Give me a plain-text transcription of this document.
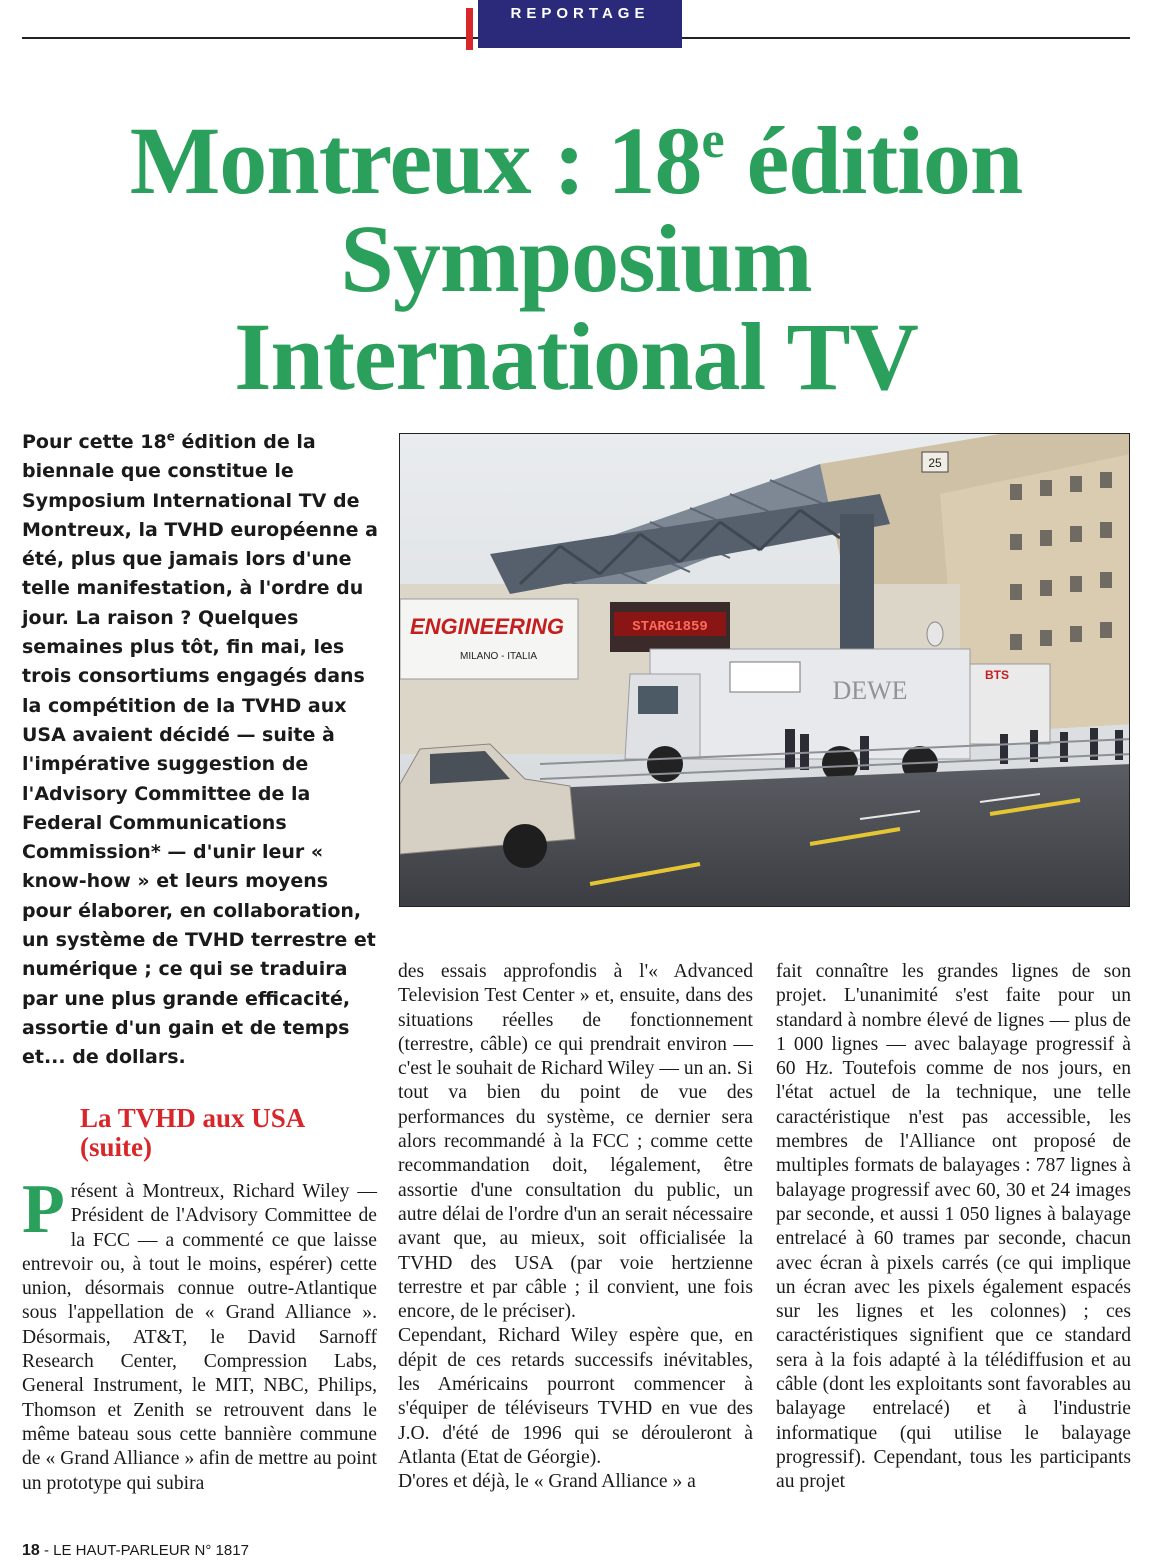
REPORTAGE
Montreux : 18e édition
Symposium
International TV

Pour cette 18e édition de la biennale que constitue le Symposium International TV de Montreux, la TVHD européenne a été, plus que jamais lors d'une telle manifestation, à l'ordre du jour. La raison ? Quelques semaines plus tôt, fin mai, les trois consortiums engagés dans la compétition de la TVHD aux USA avaient décidé — suite à l'impérative suggestion de l'Advisory Committee de la Federal Communications Commission* — d'unir leur « know-how » et leurs moyens pour élaborer, en collaboration, un système de TVHD terrestre et numérique ; ce qui se traduira par une plus grande efficacité, assortie d'un gain et de temps et... de dollars.

25
STARG1859
ENGINEERING
MILANO - ITALIA
DEWE
BTS
La TVHD aux USA
(suite)

Présent à Montreux, Richard Wiley — Président de l'Advisory Committee de la FCC — a commenté ce que laisse entrevoir ou, à tout le moins, espérer) cette union, désormais connue outre-Atlantique sous l'appellation de « Grand Alliance ». Désormais, AT&T, le David Sarnoff Research Center, Compression Labs, General Instrument, le MIT, NBC, Philips, Thomson et Zenith se retrouvent dans le même bateau sous cette bannière commune de « Grand Alliance » afin de mettre au point un prototype qui subira

des essais approfondis à l'« Advanced Television Test Center » et, ensuite, dans des situations réelles de fonctionnement (terrestre, câble) ce qui prendrait environ — c'est le souhait de Richard Wiley — un an. Si tout va bien du point de vue des performances du système, ce dernier sera alors recommandé à la FCC ; comme cette recommandation doit, légalement, être assortie d'une consultation du public, un autre délai de l'ordre d'un an serait nécessaire avant que, au mieux, soit officialisée la TVHD des USA (par voie hertzienne terrestre et par câble ; il convient, une fois encore, de le préciser).

Cependant, Richard Wiley espère que, en dépit de ces retards successifs inévitables, les Américains pourront commencer à s'équiper de téléviseurs TVHD en vue des J.O. d'été de 1996 qui se dérouleront à Atlanta (Etat de Géorgie).

D'ores et déjà, le « Grand Alliance » a

fait connaître les grandes lignes de son projet. L'unanimité s'est faite pour un standard à nombre élevé de lignes — plus de 1 000 lignes — avec balayage progressif à 60 Hz. Toutefois comme de nos jours, en l'état actuel de la technique, une telle caractéristique n'est pas accessible, les membres de l'Alliance ont proposé de multiples formats de balayages : 787 lignes à balayage progressif avec 60, 30 et 24 images par seconde, et aussi 1 050 lignes à balayage entrelacé à 60 trames par seconde, chacun avec écran à pixels carrés (ce qui implique un écran avec les pixels également espacés sur les lignes et les colonnes) ; ces caractéristiques signifient que ce standard sera à la fois adapté à la télédiffusion et au câble (dont les exploitants sont favorables au balayage entrelacé) et à l'industrie informatique (qui utilise le balayage progressif). Cependant, tous les participants au projet

18 - LE HAUT-PARLEUR N° 1817
